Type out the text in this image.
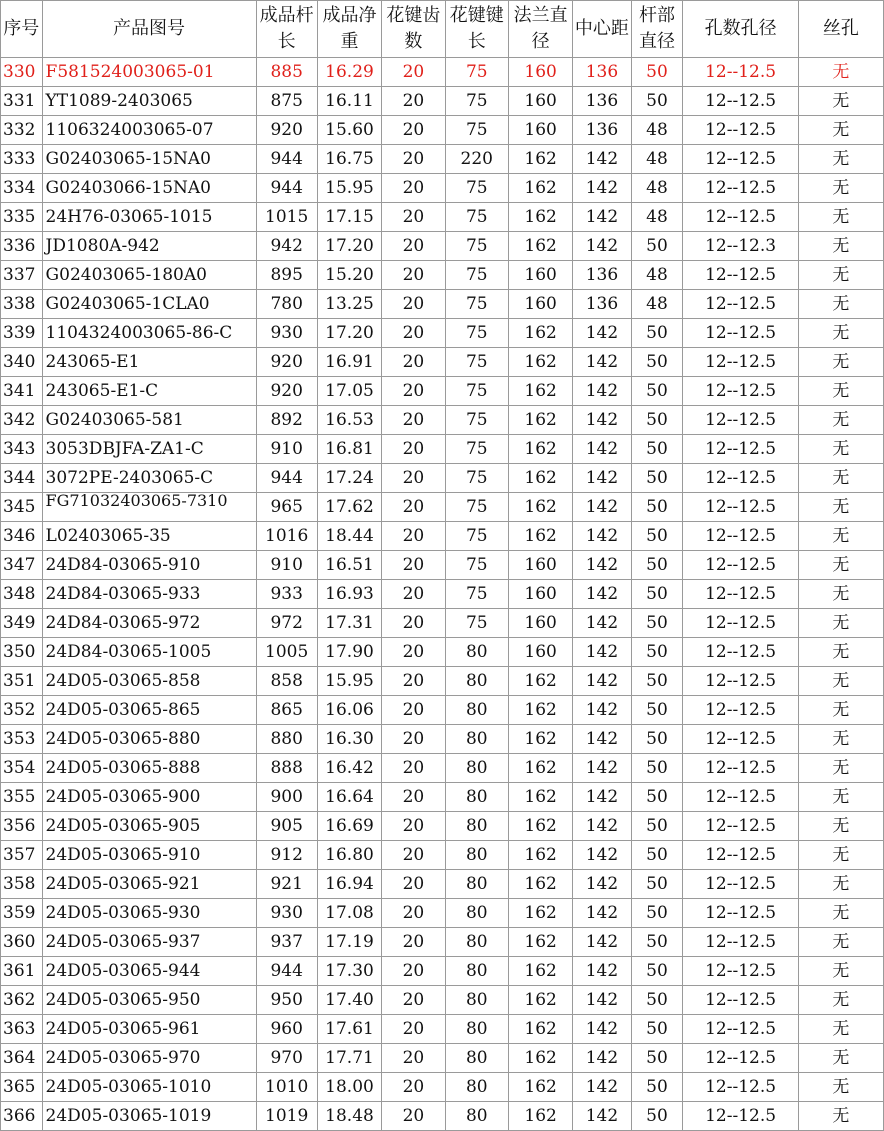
序号	产品图号	成品杆长	成品净重	花键齿数	花键键长	法兰直径	中心距	杆部直径	孔数孔径	丝孔
330	F581524003065-01	885	16.29	20	75	160	136	50	12--12.5	无
331	YT1089-2403065	875	16.11	20	75	160	136	50	12--12.5	无
332	1106324003065-07	920	15.60	20	75	160	136	48	12--12.5	无
333	G02403065-15NA0	944	16.75	20	220	162	142	48	12--12.5	无
334	G02403066-15NA0	944	15.95	20	75	162	142	48	12--12.5	无
335	24H76-03065-1015	1015	17.15	20	75	162	142	48	12--12.5	无
336	JD1080A-942	942	17.20	20	75	162	142	50	12--12.3	无
337	G02403065-180A0	895	15.20	20	75	160	136	48	12--12.5	无
338	G02403065-1CLA0	780	13.25	20	75	160	136	48	12--12.5	无
339	1104324003065-86-C	930	17.20	20	75	162	142	50	12--12.5	无
340	243065-E1	920	16.91	20	75	162	142	50	12--12.5	无
341	243065-E1-C	920	17.05	20	75	162	142	50	12--12.5	无
342	G02403065-581	892	16.53	20	75	162	142	50	12--12.5	无
343	3053DBJFA-ZA1-C	910	16.81	20	75	162	142	50	12--12.5	无
344	3072PE-2403065-C	944	17.24	20	75	162	142	50	12--12.5	无
345	FG71032403065-7310	965	17.62	20	75	162	142	50	12--12.5	无
346	L02403065-35	1016	18.44	20	75	162	142	50	12--12.5	无
347	24D84-03065-910	910	16.51	20	75	160	142	50	12--12.5	无
348	24D84-03065-933	933	16.93	20	75	160	142	50	12--12.5	无
349	24D84-03065-972	972	17.31	20	75	160	142	50	12--12.5	无
350	24D84-03065-1005	1005	17.90	20	80	160	142	50	12--12.5	无
351	24D05-03065-858	858	15.95	20	80	162	142	50	12--12.5	无
352	24D05-03065-865	865	16.06	20	80	162	142	50	12--12.5	无
353	24D05-03065-880	880	16.30	20	80	162	142	50	12--12.5	无
354	24D05-03065-888	888	16.42	20	80	162	142	50	12--12.5	无
355	24D05-03065-900	900	16.64	20	80	162	142	50	12--12.5	无
356	24D05-03065-905	905	16.69	20	80	162	142	50	12--12.5	无
357	24D05-03065-910	912	16.80	20	80	162	142	50	12--12.5	无
358	24D05-03065-921	921	16.94	20	80	162	142	50	12--12.5	无
359	24D05-03065-930	930	17.08	20	80	162	142	50	12--12.5	无
360	24D05-03065-937	937	17.19	20	80	162	142	50	12--12.5	无
361	24D05-03065-944	944	17.30	20	80	162	142	50	12--12.5	无
362	24D05-03065-950	950	17.40	20	80	162	142	50	12--12.5	无
363	24D05-03065-961	960	17.61	20	80	162	142	50	12--12.5	无
364	24D05-03065-970	970	17.71	20	80	162	142	50	12--12.5	无
365	24D05-03065-1010	1010	18.00	20	80	162	142	50	12--12.5	无
366	24D05-03065-1019	1019	18.48	20	80	162	142	50	12--12.5	无
